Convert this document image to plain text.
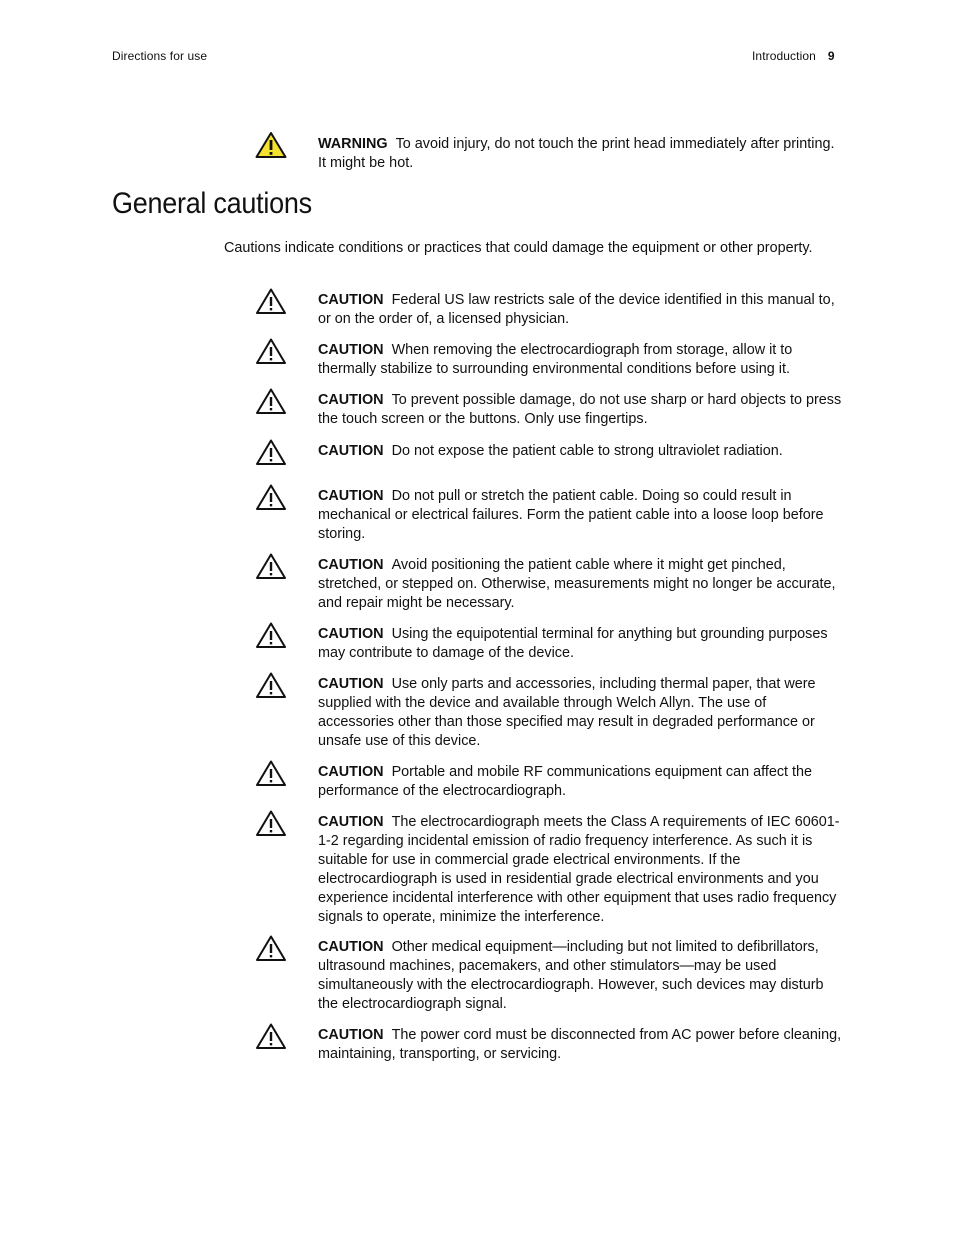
Directions for use	Introduction 9
WARNING To avoid injury, do not touch the print head immediately after printing. It might be hot.
General cautions

Cautions indicate conditions or practices that could damage the equipment or other property.

CAUTION Federal US law restricts sale of the device identified in this manual to, or on the order of, a licensed physician.
CAUTION When removing the electrocardiograph from storage, allow it to thermally stabilize to surrounding environmental conditions before using it.
CAUTION To prevent possible damage, do not use sharp or hard objects to press the touch screen or the buttons. Only use fingertips.
CAUTION Do not expose the patient cable to strong ultraviolet radiation.
CAUTION Do not pull or stretch the patient cable. Doing so could result in mechanical or electrical failures. Form the patient cable into a loose loop before storing.
CAUTION Avoid positioning the patient cable where it might get pinched, stretched, or stepped on. Otherwise, measurements might no longer be accurate, and repair might be necessary.
CAUTION Using the equipotential terminal for anything but grounding purposes may contribute to damage of the device.
CAUTION Use only parts and accessories, including thermal paper, that were supplied with the device and available through Welch Allyn. The use of accessories other than those specified may result in degraded performance or unsafe use of this device.
CAUTION Portable and mobile RF communications equipment can affect the performance of the electrocardiograph.
CAUTION The electrocardiograph meets the Class A requirements of IEC 60601-1-2 regarding incidental emission of radio frequency interference. As such it is suitable for use in commercial grade electrical environments. If the electrocardiograph is used in residential grade electrical environments and you experience incidental interference with other equipment that uses radio frequency signals to operate, minimize the interference.
CAUTION Other medical equipment—including but not limited to defibrillators, ultrasound machines, pacemakers, and other stimulators—may be used simultaneously with the electrocardiograph. However, such devices may disturb the electrocardiograph signal.
CAUTION The power cord must be disconnected from AC power before cleaning, maintaining, transporting, or servicing.
